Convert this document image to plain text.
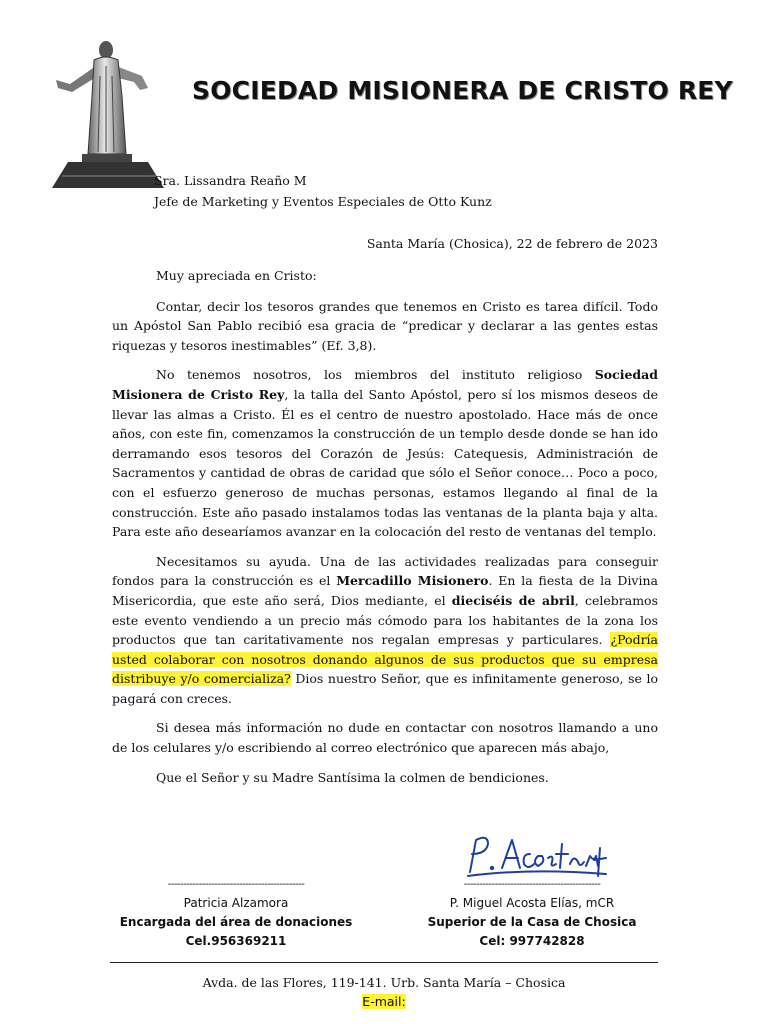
SOCIEDAD MISIONERA DE CRISTO REY
Sra. Lissandra Reaño M
Jefe de Marketing y Eventos Especiales de Otto Kunz
Santa María (Chosica), 22 de febrero de 2023

Muy apreciada en Cristo:

Contar, decir los tesoros grandes que tenemos en Cristo es tarea difícil. Todo un Apóstol San Pablo recibió esa gracia de “predicar y declarar a las gentes estas riquezas y tesoros inestimables” (Ef. 3,8).

No tenemos nosotros, los miembros del instituto religioso Sociedad Misionera de Cristo Rey, la talla del Santo Apóstol, pero sí los mismos deseos de llevar las almas a Cristo. Él es el centro de nuestro apostolado. Hace más de once años, con este fin, comenzamos la construcción de un templo desde donde se han ido derramando esos tesoros del Corazón de Jesús: Catequesis, Administración de Sacramentos y cantidad de obras de caridad que sólo el Señor conoce… Poco a poco, con el esfuerzo generoso de muchas personas, estamos llegando al final de la construcción. Este año pasado instalamos todas las ventanas de la planta baja y alta. Para este año desearíamos avanzar en la colocación del resto de ventanas del templo.

Necesitamos su ayuda. Una de las actividades realizadas para conseguir fondos para la construcción es el Mercadillo Misionero. En la fiesta de la Divina Misericordia, que este año será, Dios mediante, el dieciséis de abril, celebramos este evento vendiendo a un precio más cómodo para los habitantes de la zona los productos que tan caritativamente nos regalan empresas y particulares. ¿Podría usted colaborar con nosotros donando algunos de sus productos que su empresa distribuye y/o comercializa? Dios nuestro Señor, que es infinitamente generoso, se lo pagará con creces.

Si desea más información no dude en contactar con nosotros llamando a uno de los celulares y/o escribiendo al correo electrónico que aparecen más abajo,

Que el Señor y su Madre Santísima la colmen de bendiciones.

--------------------------------------------
Patricia Alzamora
Encargada del área de donaciones
Cel.956369211
--------------------------------------------
P. Miguel Acosta Elías, mCR
Superior de la Casa de Chosica
Cel: 997742828
Avda. de las Flores, 119-141. Urb. Santa María – Chosica
E-mail:
